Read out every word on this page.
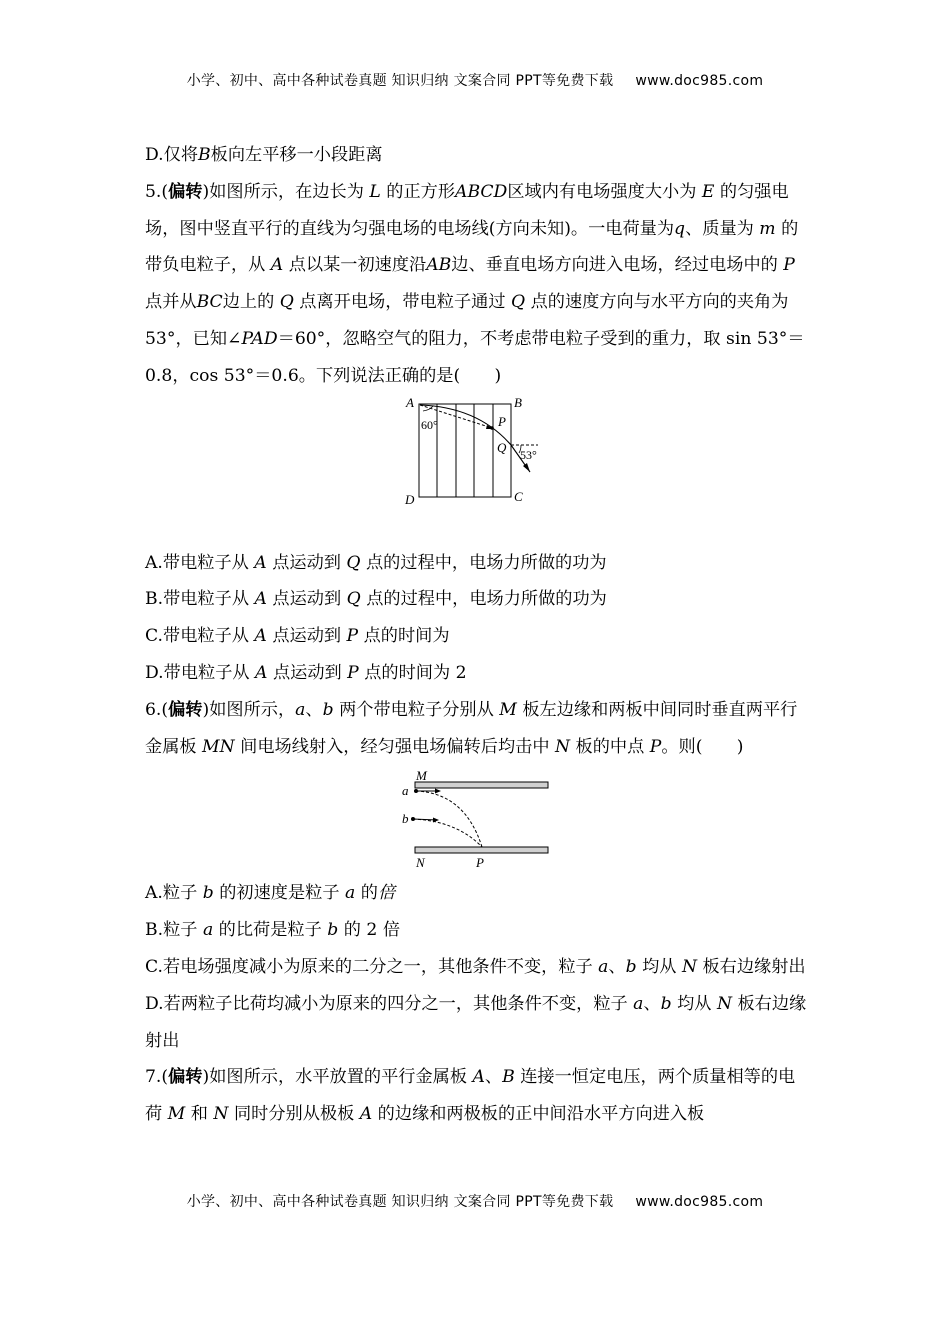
小学、初中、高中各种试卷真题 知识归纳 文案合同 PPT等免费下载 www.doc985.com

D.仅将B板向左平移一小段距离

5.(偏转)如图所示，在边长为 L 的正方形ABCD区域内有电场强度大小为 E 的匀强电场，图中竖直平行的直线为匀强电场的电场线(方向未知)。一电荷量为q、质量为 m 的带负电粒子，从 A 点以某一初速度沿AB边、垂直电场方向进入电场，经过电场中的 P 点并从BC边上的 Q 点离开电场，带电粒子通过 Q 点的速度方向与水平方向的夹角为 53°，已知∠PAD＝60°，忽略空气的阻力，不考虑带电粒子受到的重力，取 sin 53°＝0.8，cos 53°＝0.6。下列说法正确的是(　　)

A	B
C
D
P
Q
60°
53°

A.带电粒子从 A 点运动到 Q 点的过程中，电场力所做的功为

B.带电粒子从 A 点运动到 Q 点的过程中，电场力所做的功为

C.带电粒子从 A 点运动到 P 点的时间为

D.带电粒子从 A 点运动到 P 点的时间为 2

6.(偏转)如图所示，a、b 两个带电粒子分别从 M 板左边缘和两板中间同时垂直两平行金属板 MN 间电场线射入，经匀强电场偏转后均击中 N 板的中点 P。则(　　)

M
a
b
N	P

A.粒子 b 的初速度是粒子 a 的倍

B.粒子 a 的比荷是粒子 b 的 2 倍

C.若电场强度减小为原来的二分之一，其他条件不变，粒子 a、b 均从 N 板右边缘射出

D.若两粒子比荷均减小为原来的四分之一，其他条件不变，粒子 a、b 均从 N 板右边缘射出

7.(偏转)如图所示，水平放置的平行金属板 A、B 连接一恒定电压，两个质量相等的电荷 M 和 N 同时分别从极板 A 的边缘和两极板的正中间沿水平方向进入板

小学、初中、高中各种试卷真题 知识归纳 文案合同 PPT等免费下载 www.doc985.com
